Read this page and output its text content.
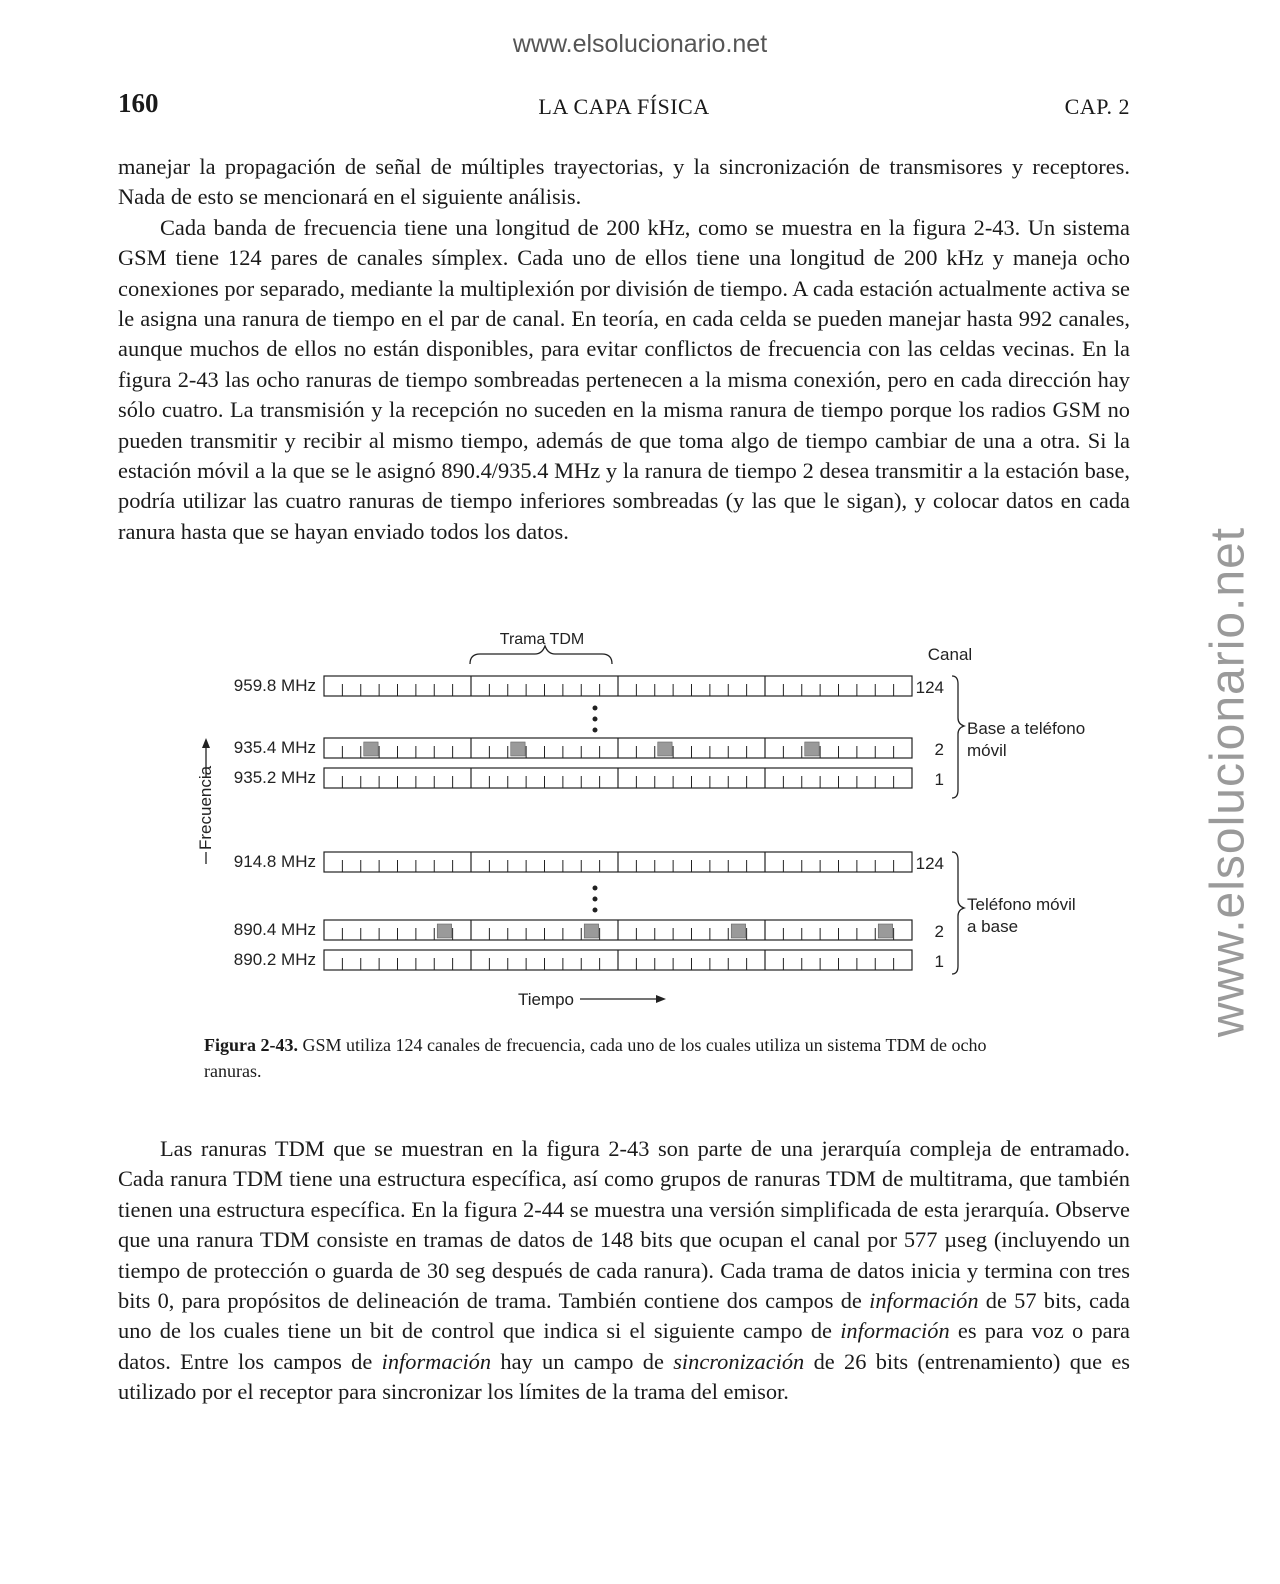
www.elsolucionario.net
www.elsolucionario.net
160	LA CAPA FÍSICA	CAP. 2

manejar la propagación de señal de múltiples trayectorias, y la sincronización de transmisores y receptores. Nada de esto se mencionará en el siguiente análisis.

Cada banda de frecuencia tiene una longitud de 200 kHz, como se muestra en la figura 2-43. Un sistema GSM tiene 124 pares de canales símplex. Cada uno de ellos tiene una longitud de 200 kHz y maneja ocho conexiones por separado, mediante la multiplexión por división de tiempo. A cada estación actualmente activa se le asigna una ranura de tiempo en el par de canal. En teoría, en cada celda se pueden manejar hasta 992 canales, aunque muchos de ellos no están disponibles, para evitar conflictos de frecuencia con las celdas vecinas. En la figura 2-43 las ocho ranuras de tiempo sombreadas pertenecen a la misma conexión, pero en cada dirección hay sólo cuatro. La transmisión y la recepción no suceden en la misma ranura de tiempo porque los radios GSM no pueden transmitir y recibir al mismo tiempo, además de que toma algo de tiempo cambiar de una a otra. Si la estación móvil a la que se le asignó 890.4/935.4 MHz y la ranura de tiempo 2 desea transmitir a la estación base, podría utilizar las cuatro ranuras de tiempo inferiores sombreadas (y las que le sigan), y colocar datos en cada ranura hasta que se hayan enviado todos los datos.

Trama TDM
Canal
959.8 MHz	124
935.4 MHz	2
935.2 MHz	1
914.8 MHz	124
890.4 MHz	2
890.2 MHz	1
Base a teléfono
móvil
Teléfono móvil
a base
Frecuencia
Tiempo
Figura 2-43. GSM utiliza 124 canales de frecuencia, cada uno de los cuales utiliza un sistema TDM de ocho ranuras.
Las ranuras TDM que se muestran en la figura 2-43 son parte de una jerarquía compleja de entramado. Cada ranura TDM tiene una estructura específica, así como grupos de ranuras TDM de multitrama, que también tienen una estructura específica. En la figura 2-44 se muestra una versión simplificada de esta jerarquía. Observe que una ranura TDM consiste en tramas de datos de 148 bits que ocupan el canal por 577 µseg (incluyendo un tiempo de protección o guarda de 30 seg después de cada ranura). Cada trama de datos inicia y termina con tres bits 0, para propósitos de delineación de trama. También contiene dos campos de información de 57 bits, cada uno de los cuales tiene un bit de control que indica si el siguiente campo de información es para voz o para datos. Entre los campos de información hay un campo de sincronización de 26 bits (entrenamiento) que es utilizado por el receptor para sincronizar los límites de la trama del emisor.
